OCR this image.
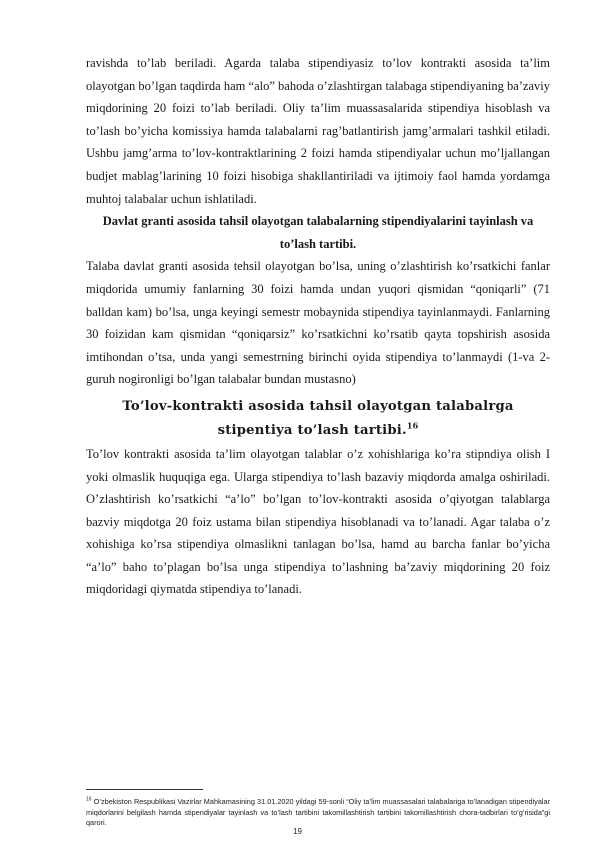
ravishda to’lab beriladi. Agarda talaba stipendiyasiz to’lov kontrakti asosida ta’lim olayotgan bo’lgan taqdirda ham “alo” bahoda o’zlashtirgan talabaga stipendiyaning ba’zaviy miqdorining 20 foizi to’lab beriladi. Oliy ta’lim muassasalarida stipendiya hisoblash va to’lash bo’yicha komissiya hamda talabalarni rag’batlantirish jamg’armalari tashkil etiladi. Ushbu jamg’arma to’lov-kontraktlarining 2 foizi hamda stipendiyalar uchun mo’ljallangan budjet mablag’larining 10 foizi hisobiga shakllantiriladi va ijtimoiy faol hamda yordamga muhtoj talabalar uchun ishlatiladi.

Davlat granti asosida tahsil olayotgan talabalarning stipendiyalarini tayinlash va to’lash tartibi.

Talaba davlat granti asosida tehsil olayotgan bo’lsa, uning o’zlashtirish ko’rsatkichi fanlar miqdorida umumiy fanlarning 30 foizi hamda undan yuqori qismidan “qoniqarli” (71 balldan kam) bo’lsa, unga keyingi semestr mobaynida stipendiya tayinlanmaydi. Fanlarning 30 foizidan kam qismidan “qoniqarsiz” ko’rsatkichni ko’rsatib qayta topshirish asosida imtihondan o’tsa, unda yangi semestrning birinchi oyida stipendiya to’lanmaydi (1-va 2- guruh nogironligi bo’lgan talabalar bundan mustasno)

To’lov-kontrakti asosida tahsil olayotgan talabalrga stipentiya to’lash tartibi.$^{16}$

To’lov kontrakti asosida ta’lim olayotgan talablar o’z xohishlariga ko’ra stipndiya olish I yoki olmaslik huquqiga ega. Ularga stipendiya to’lash bazaviy miqdorda amalga oshiriladi. O’zlashtirish ko’rsatkichi “a’lo” bo’lgan to’lov-kontrakti asosida o’qiyotgan talablarga bazviy miqdotga 20 foiz ustama bilan stipendiya hisoblanadi va to’lanadi. Agar talaba o’z xohishiga ko’rsa stipendiya olmaslikni tanlagan bo’lsa, hamd au barcha fanlar bo’yicha “a’lo” baho to’plagan bo’lsa unga stipendiya to’lashning ba’zaviy miqdorining 20 foiz miqdoridagi qiymatda stipendiya to’lanadi.

$^{16}$ O’zbekiston Respublikasi Vazirlar Mahkamasining 31.01.2020 yildagi 59-sonli “Oliy ta’lim muassasalari talabalariga to’lanadigan stipendiyalar miqdorlarini belgilash hamda stipendiyalar tayinlash va to’lash tartibini takomillashtirish tartibini takomillashtirish chora-tadbirlari to’g’risida”gi qarori.

19
